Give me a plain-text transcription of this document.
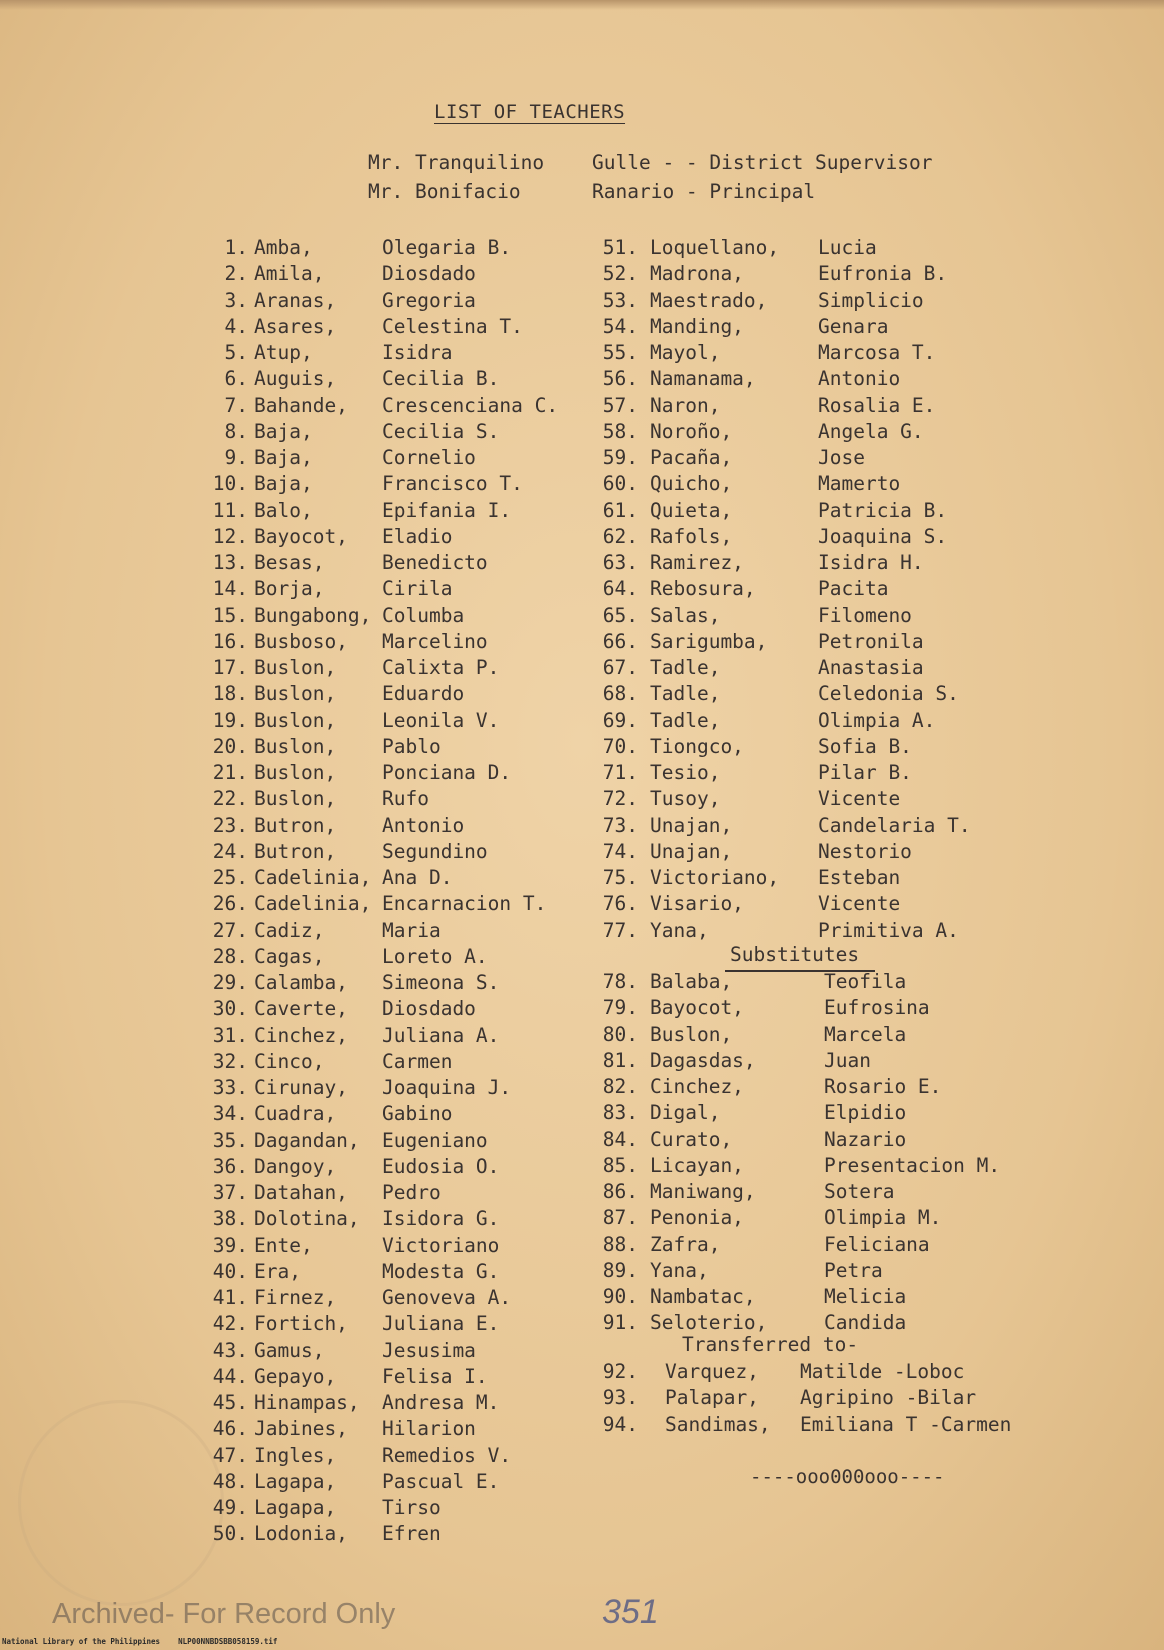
LIST OF TEACHERS
Mr. Tranquilino Gulle - - District Supervisor
Mr. Bonifacio	Ranario - Principal
1. Amba,	Olegaria B.
2. Amila,	Diosdado
3. Aranas, Gregoria
4. Asares, Celestina T.
5. Atup,	Isidra
6. Auguis, Cecilia B.
7. Bahande, Crescenciana C.
8. Baja,	Cecilia S.
9. Baja,	Cornelio
10. Baja,	Francisco T.
11. Balo,	Epifania I.
12. Bayocot, Eladio
13. Besas,	Benedicto
14. Borja,	Cirila
15. Bungabong, Columba
16. Busboso, Marcelino
17. Buslon, Calixta P.
18. Buslon, Eduardo
19. Buslon, Leonila V.
20. Buslon, Pablo
21. Buslon, Ponciana D.
22. Buslon, Rufo
23. Butron, Antonio
24. Butron, Segundino
25. Cadelinia, Ana D.
26. Cadelinia, Encarnacion T.
27. Cadiz,	Maria
28. Cagas,	Loreto A.
29. Calamba, Simeona S.
30. Caverte, Diosdado
31. Cinchez, Juliana A.
32. Cinco,	Carmen
33. Cirunay, Joaquina J.
34. Cuadra, Gabino
35. Dagandan, Eugeniano
36. Dangoy, Eudosia O.
37. Datahan, Pedro
38. Dolotina, Isidora G.
39. Ente,	Victoriano
40. Era,	Modesta G.
41. Firnez, Genoveva A.
42. Fortich, Juliana E.
43. Gamus,	Jesusima
44. Gepayo, Felisa I.
45. Hinampas, Andresa M.
46. Jabines, Hilarion
47. Ingles, Remedios V.
48. Lagapa, Pascual E.
49. Lagapa, Tirso
50. Lodonia, Efren
51. Loquellano, Lucia
52. Madrona,	Eufronia B.
53. Maestrado,	Simplicio
54. Manding,	Genara
55. Mayol,	Marcosa T.
56. Namanama,	Antonio
57. Naron,	Rosalia E.
58. Noroño,	Angela G.
59. Pacaña,	Jose
60. Quicho,	Mamerto
61. Quieta,	Patricia B.
62. Rafols,	Joaquina S.
63. Ramirez,	Isidra H.
64. Rebosura,	Pacita
65. Salas,	Filomeno
66. Sarigumba,	Petronila
67. Tadle,	Anastasia
68. Tadle,	Celedonia S.
69. Tadle,	Olimpia A.
70. Tiongco,	Sofia B.
71. Tesio,	Pilar B.
72. Tusoy,	Vicente
73. Unajan,	Candelaria T.
74. Unajan,	Nestorio
75. Victoriano, Esteban
76. Visario,	Vicente
77. Yana,	Primitiva A.
Substitutes
78. Balaba,	Teofila
79. Bayocot,	Eufrosina
80. Buslon,	Marcela
81. Dagasdas,	Juan
82. Cinchez,	Rosario E.
83. Digal,	Elpidio
84. Curato,	Nazario
85. Licayan,	Presentacion M.
86. Maniwang,	Sotera
87. Penonia,	Olimpia M.
88. Zafra,	Feliciana
89. Yana,	Petra
90. Nambatac,	Melicia
91. Seloterio,	Candida
Transferred to-
92. Varquez, Matilde -Loboc
93. Palapar, Agripino -Bilar
94. Sandimas, Emiliana T -Carmen
----ooo000ooo----
Archived- For Record Only	351
National Library of the Philippines    NLP00NNBDSBB058159.tif
